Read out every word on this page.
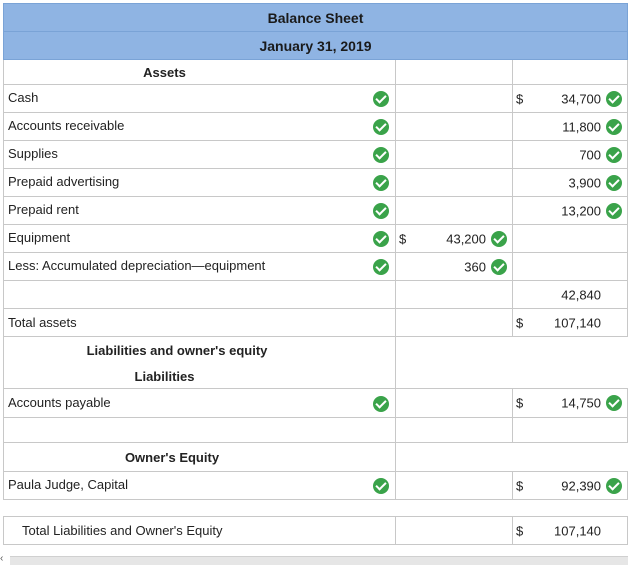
Balance Sheet		
January 31, 2019		
Assets		
Cash		$ 34,700

Accounts receivable		11,800

Supplies		700

Prepaid advertising		3,900

Prepaid rent		13,200

Equipment	$ 43,200	

Less: Accumulated depreciation—equipment	360	

		42,840

Total assets		$ 107,140

Liabilities and owner's equity		
Liabilities		
Accounts payable		$ 14,750

Owner's Equity		
Paula Judge, Capital		$ 92,390

Total Liabilities and Owner's Equity		$ 107,140
‹
